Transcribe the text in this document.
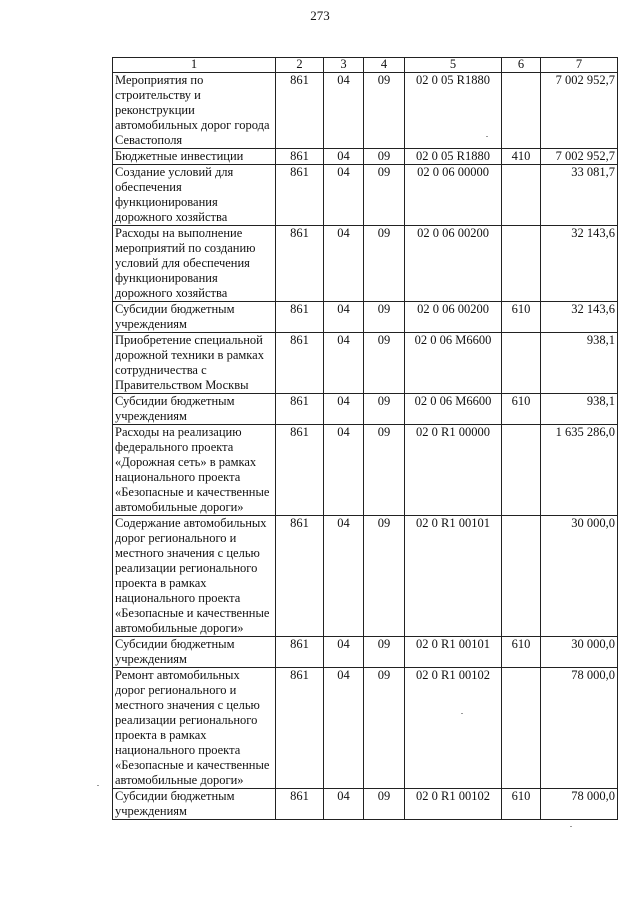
273
1	2	3	4	5	6	7
Мероприятия по строительству и реконструкции автомобильных дорог города Севастополя	861	04	09	02 0 05 R1880		7 002 952,7
Бюджетные инвестиции	861	04	09	02 0 05 R1880	410	7 002 952,7
Создание условий для обеспечения функционирования дорожного хозяйства	861	04	09	02 0 06 00000		33 081,7
Расходы на выполнение мероприятий по созданию условий для обеспечения функционирования дорожного хозяйства	861	04	09	02 0 06 00200		32 143,6
Субсидии бюджетным учреждениям	861	04	09	02 0 06 00200	610	32 143,6
Приобретение специальной дорожной техники в рамках сотрудничества с Правительством Москвы	861	04	09	02 0 06 М6600		938,1
Субсидии бюджетным учреждениям	861	04	09	02 0 06 М6600	610	938,1
Расходы на реализацию федерального проекта «Дорожная сеть» в рамках национального проекта «Безопасные и качественные автомобильные дороги»	861	04	09	02 0 R1 00000		1 635 286,0
Содержание автомобильных дорог регионального и местного значения с целью реализации регионального проекта в рамках национального проекта «Безопасные и качественные автомобильные дороги»	861	04	09	02 0 R1 00101		30 000,0
Субсидии бюджетным учреждениям	861	04	09	02 0 R1 00101	610	30 000,0
Ремонт автомобильных дорог регионального и местного значения с целью реализации регионального проекта в рамках национального проекта «Безопасные и качественные автомобильные дороги»	861	04	09	02 0 R1 00102		78 000,0
Субсидии бюджетным учреждениям	861	04	09	02 0 R1 00102	610	78 000,0
